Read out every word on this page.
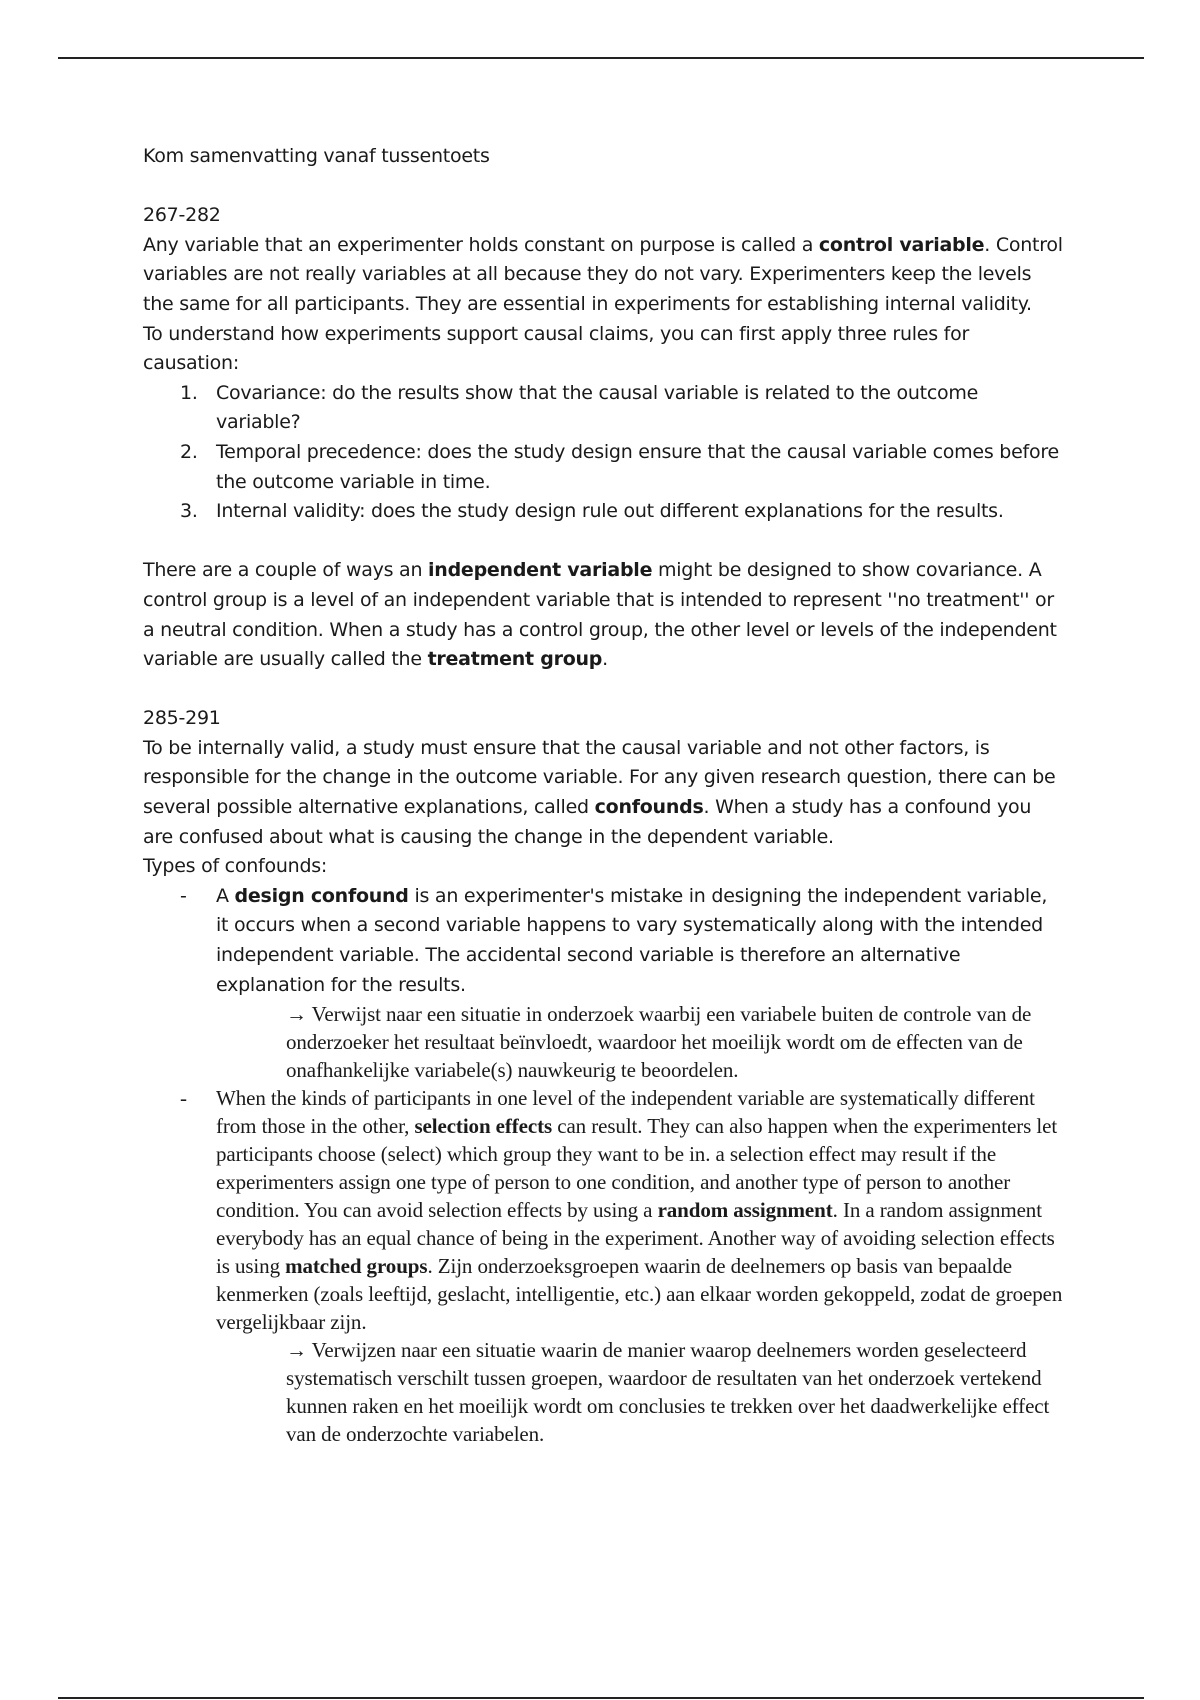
Kom samenvatting vanaf tussentoets

267-282

Any variable that an experimenter holds constant on purpose is called a control variable. Control variables are not really variables at all because they do not vary. Experimenters keep the levels the same for all participants. They are essential in experiments for establishing internal validity.

To understand how experiments support causal claims, you can first apply three rules for causation:

1. Covariance: do the results show that the causal variable is related to the outcome variable?
2. Temporal precedence: does the study design ensure that the causal variable comes before the outcome variable in time.
3. Internal validity: does the study design rule out different explanations for the results.

There are a couple of ways an independent variable might be designed to show covariance. A control group is a level of an independent variable that is intended to represent ''no treatment'' or a neutral condition. When a study has a control group, the other level or levels of the independent variable are usually called the treatment group.

285-291

To be internally valid, a study must ensure that the causal variable and not other factors, is responsible for the change in the outcome variable. For any given research question, there can be several possible alternative explanations, called confounds. When a study has a confound you are confused about what is causing the change in the dependent variable.

Types of confounds:

- A design confound is an experimenter's mistake in designing the independent variable, it occurs when a second variable happens to vary systematically along with the intended independent variable. The accidental second variable is therefore an alternative explanation for the results.

→ Verwijst naar een situatie in onderzoek waarbij een variabele buiten de controle van de onderzoeker het resultaat beïnvloedt, waardoor het moeilijk wordt om de effecten van de onafhankelijke variabele(s) nauwkeurig te beoordelen.

- When the kinds of participants in one level of the independent variable are systematically different from those in the other, selection effects can result. They can also happen when the experimenters let participants choose (select) which group they want to be in. a selection effect may result if the experimenters assign one type of person to one condition, and another type of person to another condition. You can avoid selection effects by using a random assignment. In a random assignment everybody has an equal chance of being in the experiment. Another way of avoiding selection effects is using matched groups. Zijn onderzoeksgroepen waarin de deelnemers op basis van bepaalde kenmerken (zoals leeftijd, geslacht, intelligentie, etc.) aan elkaar worden gekoppeld, zodat de groepen vergelijkbaar zijn.

→ Verwijzen naar een situatie waarin de manier waarop deelnemers worden geselecteerd systematisch verschilt tussen groepen, waardoor de resultaten van het onderzoek vertekend kunnen raken en het moeilijk wordt om conclusies te trekken over het daadwerkelijke effect van de onderzochte variabelen.
